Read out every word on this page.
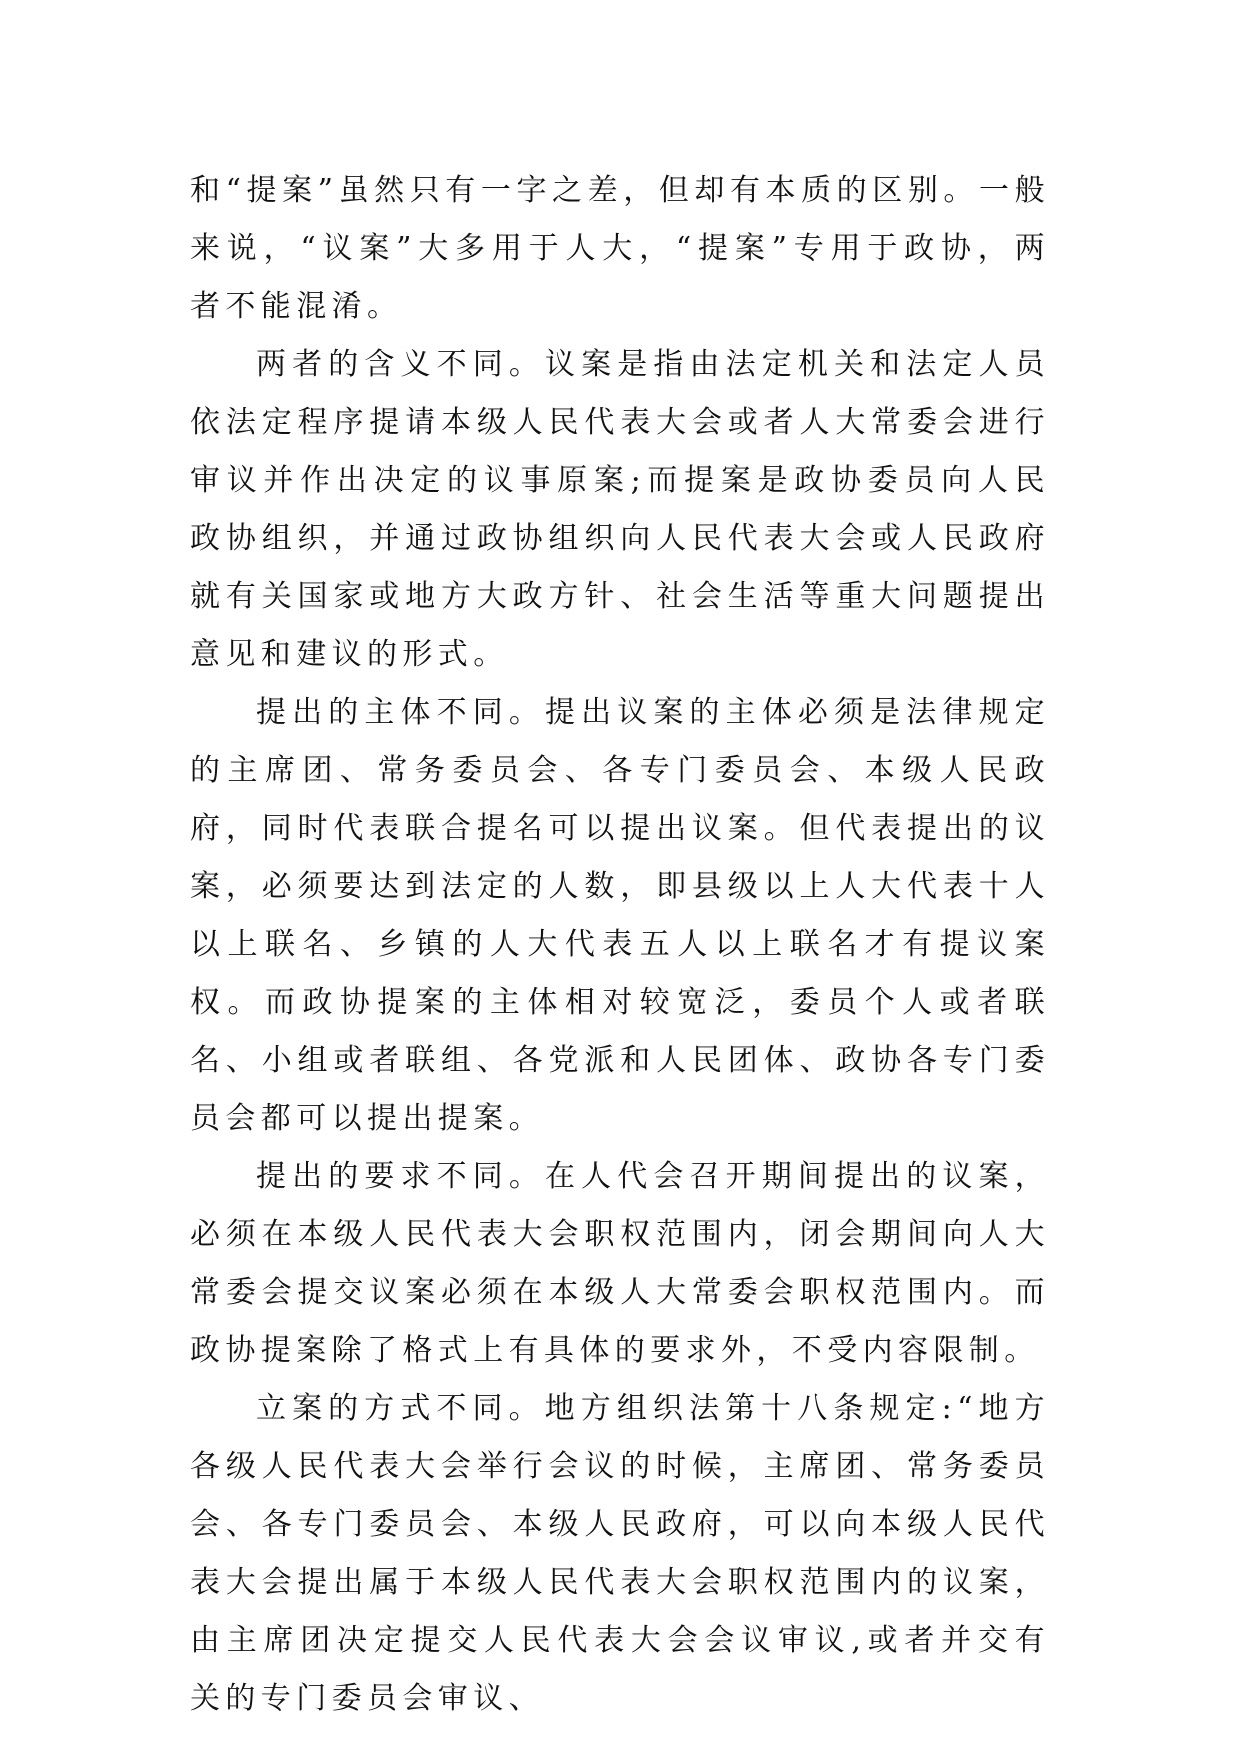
和“提案”虽然只有一字之差，但却有本质的区别。一般来说，“议案”大多用于人大，“提案”专用于政协，两者不能混淆。

两者的含义不同。议案是指由法定机关和法定人员依法定程序提请本级人民代表大会或者人大常委会进行审议并作出决定的议事原案;而提案是政协委员向人民政协组织，并通过政协组织向人民代表大会或人民政府就有关国家或地方大政方针、社会生活等重大问题提出意见和建议的形式。

提出的主体不同。提出议案的主体必须是法律规定的主席团、常务委员会、各专门委员会、本级人民政府，同时代表联合提名可以提出议案。但代表提出的议案，必须要达到法定的人数，即县级以上人大代表十人以上联名、乡镇的人大代表五人以上联名才有提议案权。而政协提案的主体相对较宽泛，委员个人或者联名、小组或者联组、各党派和人民团体、政协各专门委员会都可以提出提案。

提出的要求不同。在人代会召开期间提出的议案，必须在本级人民代表大会职权范围内，闭会期间向人大常委会提交议案必须在本级人大常委会职权范围内。而政协提案除了格式上有具体的要求外，不受内容限制。

立案的方式不同。地方组织法第十八条规定:“地方各级人民代表大会举行会议的时候，主席团、常务委员会、各专门委员会、本级人民政府，可以向本级人民代表大会提出属于本级人民代表大会职权范围内的议案，由主席团决定提交人民代表大会会议审议,或者并交有关的专门委员会审议、
